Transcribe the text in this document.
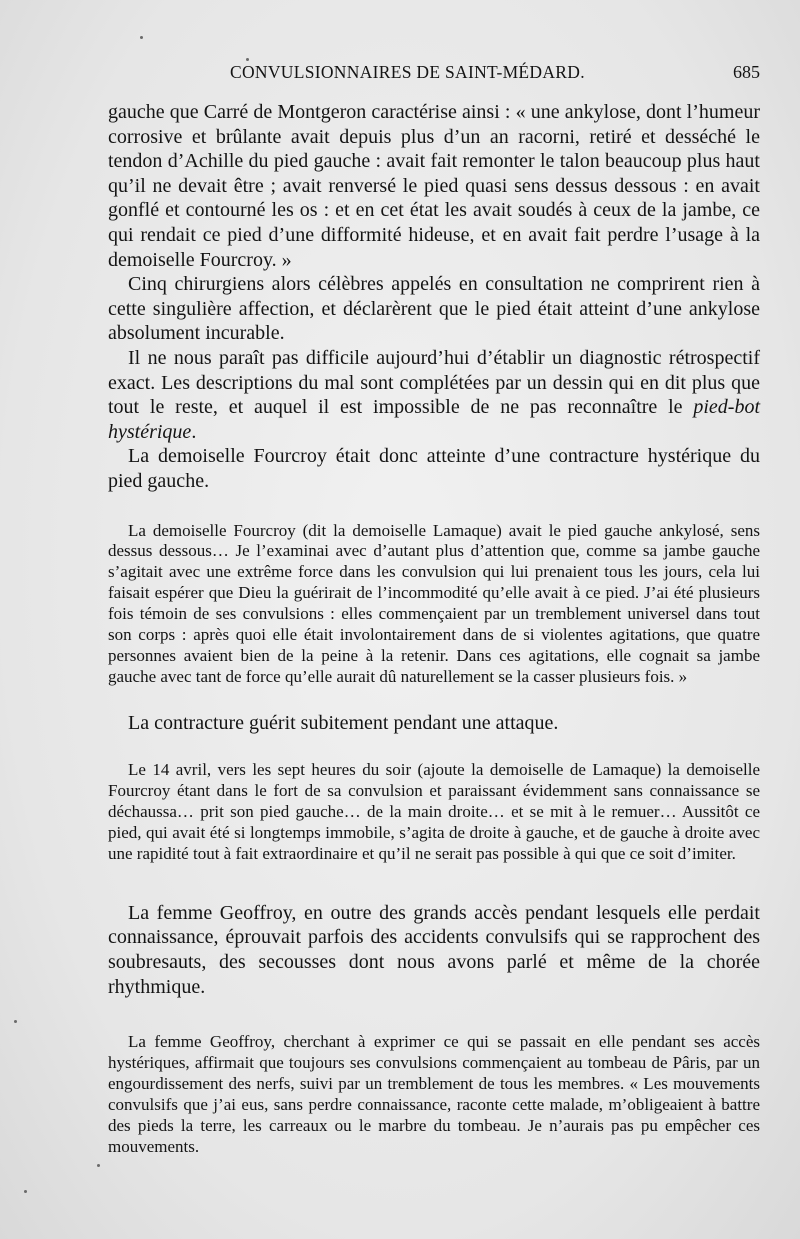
CONVULSIONNAIRES DE SAINT-MÉDARD.	685

gauche que Carré de Montgeron caractérise ainsi : « une ankylose, dont l’humeur corrosive et brûlante avait depuis plus d’un an racorni, retiré et desséché le tendon d’Achille du pied gauche : avait fait remonter le talon beaucoup plus haut qu’il ne devait être ; avait renversé le pied quasi sens dessus dessous : en avait gonflé et contourné les os : et en cet état les avait soudés à ceux de la jambe, ce qui rendait ce pied d’une difformité hideuse, et en avait fait perdre l’usage à la demoiselle Fourcroy. »

Cinq chirurgiens alors célèbres appelés en consultation ne comprirent rien à cette singulière affection, et déclarèrent que le pied était atteint d’une ankylose absolument incurable.

Il ne nous paraît pas difficile aujourd’hui d’établir un diagnostic rétrospectif exact. Les descriptions du mal sont complétées par un dessin qui en dit plus que tout le reste, et auquel il est impossible de ne pas reconnaître le pied-bot hystérique.

La demoiselle Fourcroy était donc atteinte d’une contracture hystérique du pied gauche.

La demoiselle Fourcroy (dit la demoiselle Lamaque) avait le pied gauche ankylosé, sens dessus dessous… Je l’examinai avec d’autant plus d’attention que, comme sa jambe gauche s’agitait avec une extrême force dans les convulsion qui lui prenaient tous les jours, cela lui faisait espérer que Dieu la guérirait de l’incommodité qu’elle avait à ce pied. J’ai été plusieurs fois témoin de ses convulsions : elles commençaient par un tremblement universel dans tout son corps : après quoi elle était involontairement dans de si violentes agitations, que quatre personnes avaient bien de la peine à la retenir. Dans ces agitations, elle cognait sa jambe gauche avec tant de force qu’elle aurait dû naturellement se la casser plusieurs fois. »

La contracture guérit subitement pendant une attaque.

Le 14 avril, vers les sept heures du soir (ajoute la demoiselle de Lamaque) la demoiselle Fourcroy étant dans le fort de sa convulsion et paraissant évidemment sans connaissance se déchaussa… prit son pied gauche… de la main droite… et se mit à le remuer… Aussitôt ce pied, qui avait été si longtemps immobile, s’agita de droite à gauche, et de gauche à droite avec une rapidité tout à fait extraordinaire et qu’il ne serait pas possible à qui que ce soit d’imiter.

La femme Geoffroy, en outre des grands accès pendant lesquels elle perdait connaissance, éprouvait parfois des accidents convulsifs qui se rapprochent des soubresauts, des secousses dont nous avons parlé et même de la chorée rhythmique.

La femme Geoffroy, cherchant à exprimer ce qui se passait en elle pendant ses accès hystériques, affirmait que toujours ses convulsions commençaient au tombeau de Pâris, par un engourdissement des nerfs, suivi par un tremblement de tous les membres. « Les mouvements convulsifs que j’ai eus, sans perdre connaissance, raconte cette malade, m’obligeaient à battre des pieds la terre, les carreaux ou le marbre du tombeau. Je n’aurais pas pu empêcher ces mouvements.
